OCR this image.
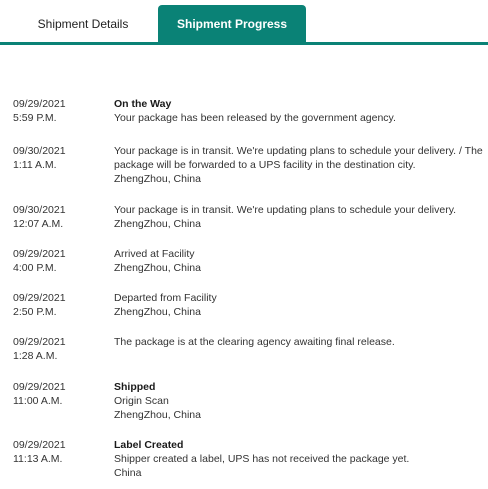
Shipment Details	Shipment Progress
09/29/2021
5:59 P.M.
On the Way
Your package has been released by the government agency.
09/30/2021
1:11 A.M.
Your package is in transit. We're updating plans to schedule your delivery. / The package will be forwarded to a UPS facility in the destination city.
ZhengZhou, China
09/30/2021
12:07 A.M.
Your package is in transit. We're updating plans to schedule your delivery.
ZhengZhou, China
09/29/2021
4:00 P.M.
Arrived at Facility
ZhengZhou, China
09/29/2021
2:50 P.M.
Departed from Facility
ZhengZhou, China
09/29/2021
1:28 A.M.
The package is at the clearing agency awaiting final release.
09/29/2021
11:00 A.M.
Shipped
Origin Scan
ZhengZhou, China
09/29/2021
11:13 A.M.
Label Created
Shipper created a label, UPS has not received the package yet.
China
